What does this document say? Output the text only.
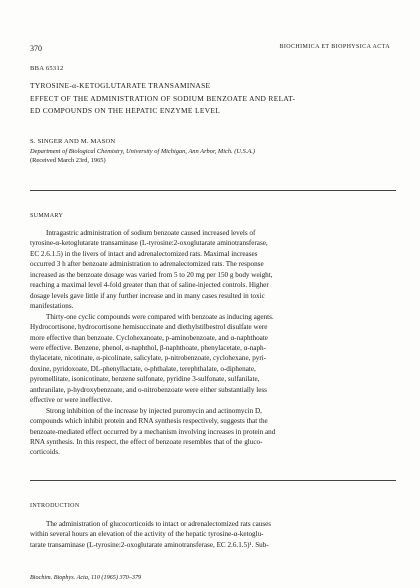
370	BIOCHIMICA ET BIOPHYSICA ACTA
BBA 65312
TYROSINE-α-KETOGLUTARATE TRANSAMINASE
EFFECT OF THE ADMINISTRATION OF SODIUM BENZOATE AND RELAT-
ED COMPOUNDS ON THE HEPATIC ENZYME LEVEL
S. SINGER AND M. MASON
Department of Biological Chemistry, University of Michigan, Ann Arbor, Mich. (U.S.A.)
(Received March 23rd, 1965)
SUMMARY
Intragastric administration of sodium benzoate caused increased levels of
tyrosine-α-ketoglutarate transaminase (L-tyrosine:2-oxoglutarate aminotransferase,
EC 2.6.1.5) in the livers of intact and adrenalectomized rats. Maximal increases
occurred 3 h after benzoate administration to adrenalectomized rats. The response
increased as the benzoate dosage was varied from 5 to 20 mg per 150 g body weight,
reaching a maximal level 4-fold greater than that of saline-injected controls. Higher
dosage levels gave little if any further increase and in many cases resulted in toxic
manifestations.
Thirty-one cyclic compounds were compared with benzoate as inducing agents.
Hydrocortisone, hydrocortisone hemisuccinate and diethylstilbestrol disulfate were
more effective than benzoate. Cyclohexanoate, p-aminobenzoate, and α-naphthoate
were effective. Benzene, phenol, α-naphthol, β-naphthoate, phenylacetate, α-naph-
thylacetate, nicotinate, α-picolinate, salicylate, p-nitrobenzoate, cyclohexane, pyri-
doxine, pyridoxoate, DL-phenyllactate, o-phthalate, terephthalate, o-diphenate,
pyromellitate, isonicotinate, benzene sulfonate, pyridine 3-sulfonate, sulfanilate,
anthranilate, p-hydroxybenzoate, and o-nitrobenzoate were either substantially less
effective or were ineffective.
Strong inhibition of the increase by injected puromycin and actinomycin D,
compounds which inhibit protein and RNA synthesis respectively, suggests that the
benzoate-mediated effect occurred by a mechanism involving increases in protein and
RNA synthesis. In this respect, the effect of benzoate resembles that of the gluco-
corticoids.
INTRODUCTION
The administration of glucocorticoids to intact or adrenalectomized rats causes
within several hours an elevation of the activity of the hepatic tyrosine-α-ketoglu-
tarate transaminase (L-tyrosine:2-oxoglutarate aminotransferase, EC 2.6.1.5)¹. Sub-
Biochim. Biophys. Acta, 110 (1965) 370–379
